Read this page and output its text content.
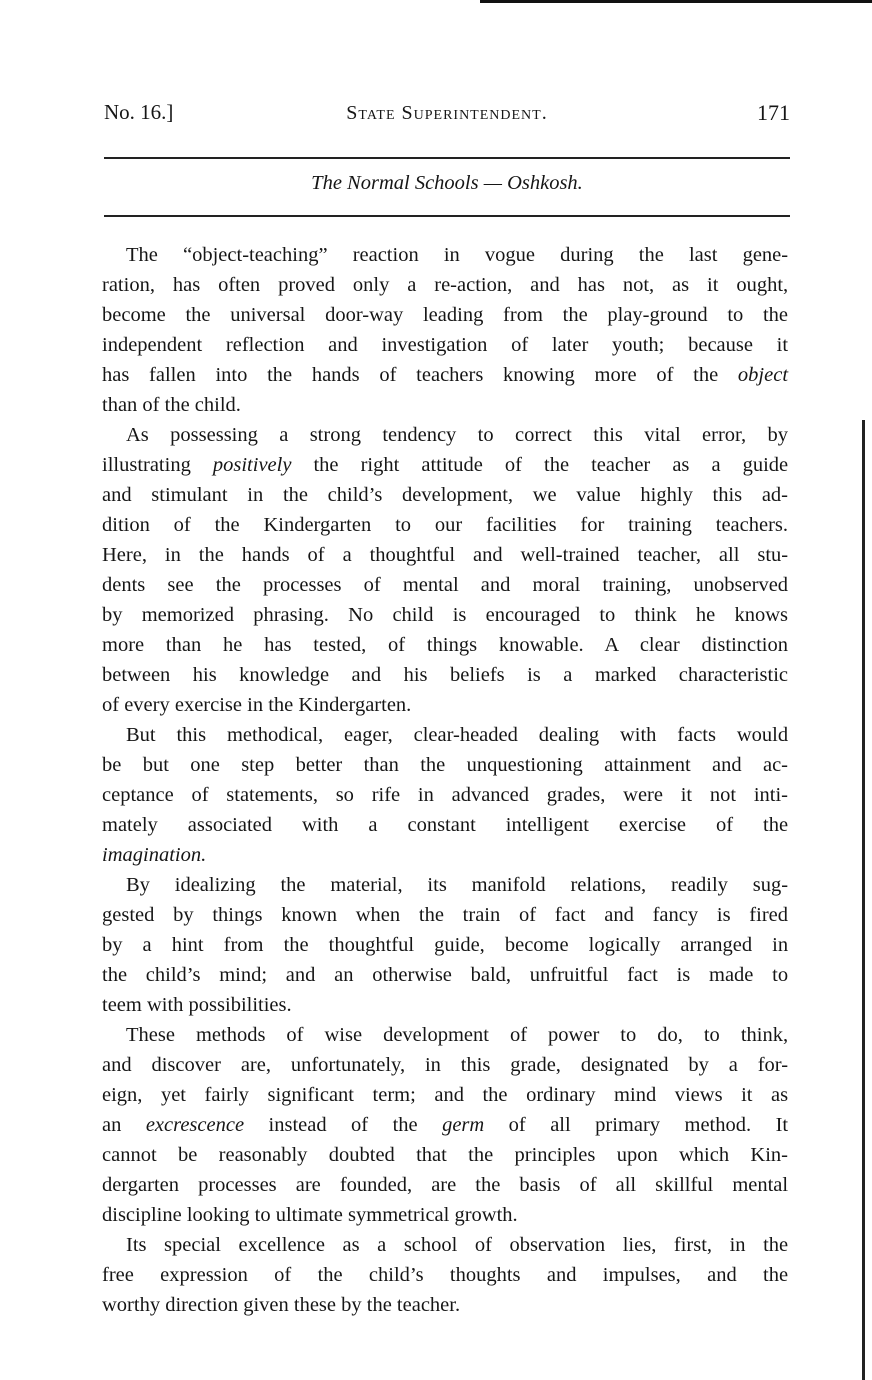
No. 16.]	State Superintendent.	171
The Normal Schools — Oshkosh.
The “object-teaching” reaction in vogue during the last gene-
ration, has often proved only a re-action, and has not, as it ought,
become the universal door-way leading from the play-ground to the
independent reflection and investigation of later youth; because it
has fallen into the hands of teachers knowing more of the object
than of the child.
As possessing a strong tendency to correct this vital error, by
illustrating positively the right attitude of the teacher as a guide
and stimulant in the child’s development, we value highly this ad-
dition of the Kindergarten to our facilities for training teachers.
Here, in the hands of a thoughtful and well-trained teacher, all stu-
dents see the processes of mental and moral training, unobserved
by memorized phrasing. No child is encouraged to think he knows
more than he has tested, of things knowable. A clear distinction
between his knowledge and his beliefs is a marked characteristic
of every exercise in the Kindergarten.
But this methodical, eager, clear-headed dealing with facts would
be but one step better than the unquestioning attainment and ac-
ceptance of statements, so rife in advanced grades, were it not inti-
mately associated with a constant intelligent exercise of the
imagination.
By idealizing the material, its manifold relations, readily sug-
gested by things known when the train of fact and fancy is fired
by a hint from the thoughtful guide, become logically arranged in
the child’s mind; and an otherwise bald, unfruitful fact is made to
teem with possibilities.
These methods of wise development of power to do, to think,
and discover are, unfortunately, in this grade, designated by a for-
eign, yet fairly significant term; and the ordinary mind views it as
an excrescence instead of the germ of all primary method. It
cannot be reasonably doubted that the principles upon which Kin-
dergarten processes are founded, are the basis of all skillful mental
discipline looking to ultimate symmetrical growth.
Its special excellence as a school of observation lies, first, in the
free expression of the child’s thoughts and impulses, and the
worthy direction given these by the teacher.
